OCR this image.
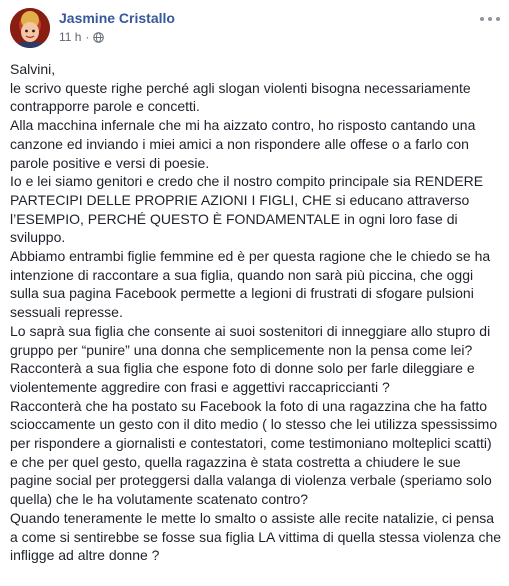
Jasmine Cristallo
11 h ·

Salvini,

le scrivo queste righe perché agli slogan violenti bisogna necessariamente contrapporre parole e concetti.

Alla macchina infernale che mi ha aizzato contro, ho risposto cantando una canzone ed inviando i miei amici a non rispondere alle offese o a farlo con parole positive e versi di poesie.

Io e lei siamo genitori e credo che il nostro compito principale sia RENDERE PARTECIPI DELLE PROPRIE AZIONI I FIGLI, CHE si educano attraverso l’ESEMPIO, PERCHÉ QUESTO È FONDAMENTALE in ogni loro fase di sviluppo.

Abbiamo entrambi figlie femmine ed è per questa ragione che le chiedo se ha intenzione di raccontare a sua figlia, quando non sarà più piccina, che oggi sulla sua pagina Facebook permette a legioni di frustrati di sfogare pulsioni sessuali represse.

Lo saprà sua figlia che consente ai suoi sostenitori di inneggiare allo stupro di gruppo per “punire” una donna che semplicemente non la pensa come lei?

Racconterà a sua figlia che espone foto di donne solo per farle dileggiare e violentemente aggredire con frasi e aggettivi raccapriccianti ?

Racconterà che ha postato su Facebook la foto di una ragazzina che ha fatto scioccamente un gesto con il dito medio ( lo stesso che lei utilizza spessissimo per rispondere a giornalisti e contestatori, come testimoniano molteplici scatti) e che per quel gesto, quella ragazzina è stata costretta a chiudere le sue pagine social per proteggersi dalla valanga di violenza verbale (speriamo solo quella) che le ha volutamente scatenato contro?

Quando teneramente le mette lo smalto o assiste alle recite natalizie, ci pensa a come si sentirebbe se fosse sua figlia LA vittima di quella stessa violenza che infligge ad altre donne ?
